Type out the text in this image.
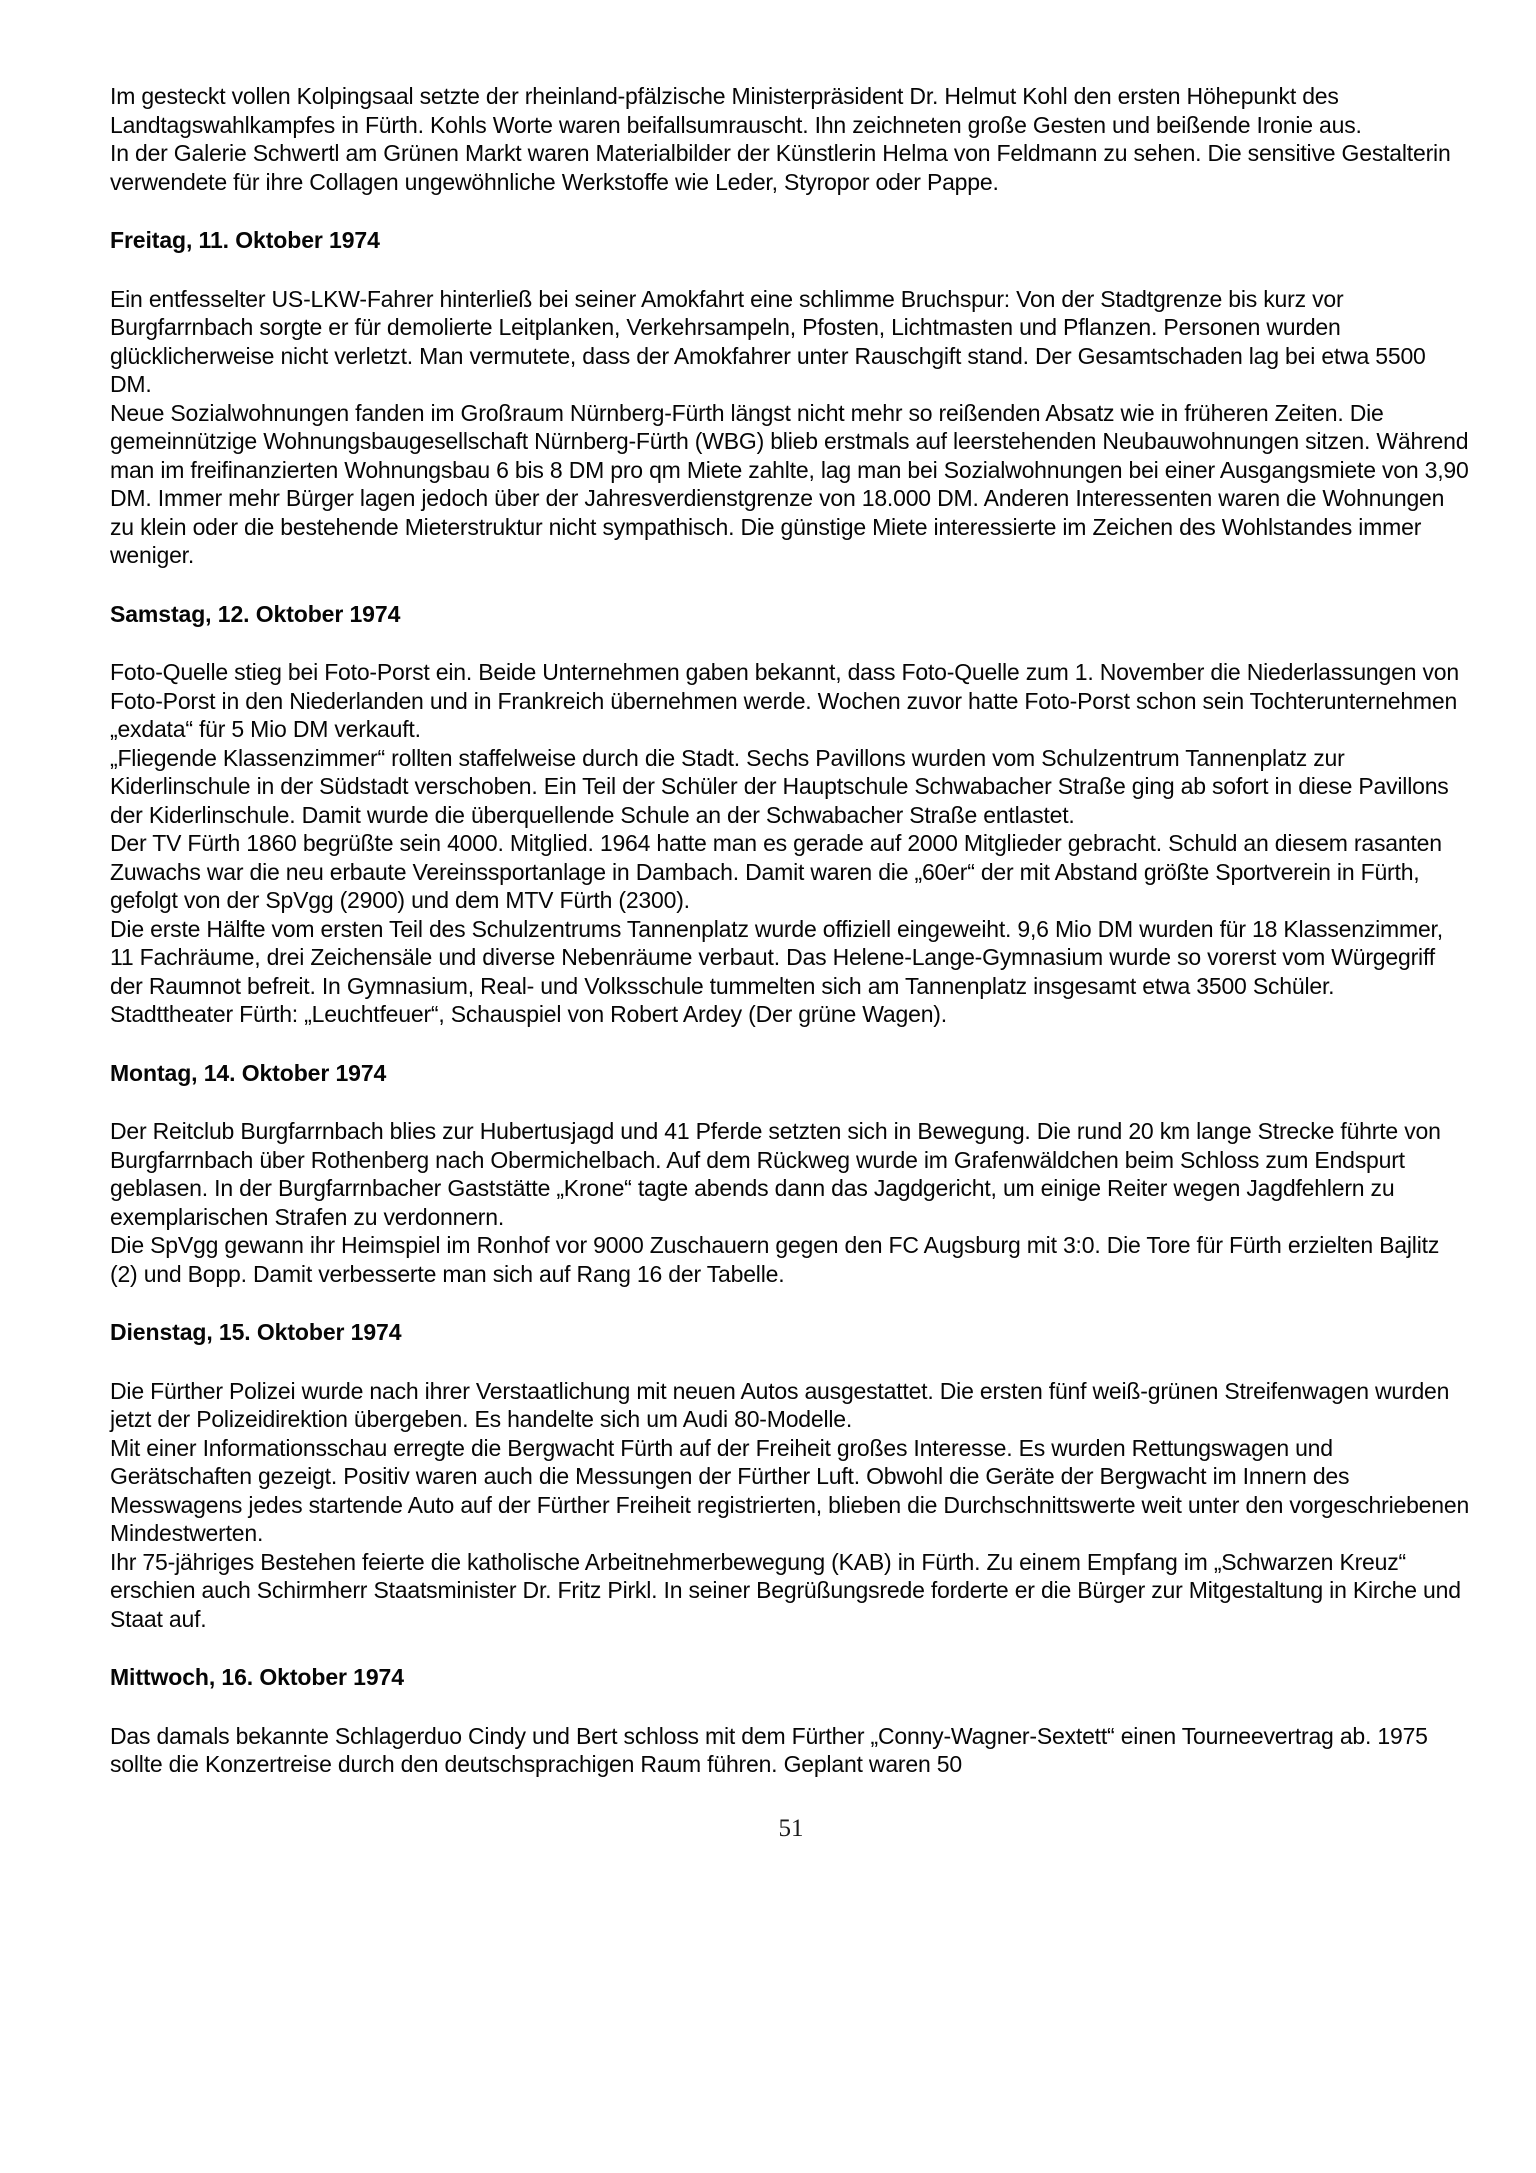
Im gesteckt vollen Kolpingsaal setzte der rheinland-pfälzische Ministerpräsident Dr. Helmut Kohl den ersten Höhepunkt des Landtagswahlkampfes in Fürth. Kohls Worte waren beifallsumrauscht. Ihn zeichneten große Gesten und beißende Ironie aus.

In der Galerie Schwertl am Grünen Markt waren Materialbilder der Künstlerin Helma von Feldmann zu sehen. Die sensitive Gestalterin verwendete für ihre Collagen ungewöhnliche Werkstoffe wie Leder, Styropor oder Pappe.

Freitag, 11. Oktober 1974

Ein entfesselter US-LKW-Fahrer hinterließ bei seiner Amokfahrt eine schlimme Bruchspur: Von der Stadtgrenze bis kurz vor Burgfarrnbach sorgte er für demolierte Leitplanken, Verkehrsampeln, Pfosten, Lichtmasten und Pflanzen. Personen wurden glücklicherweise nicht verletzt. Man vermutete, dass der Amokfahrer unter Rauschgift stand. Der Gesamtschaden lag bei etwa 5500 DM.

Neue Sozialwohnungen fanden im Großraum Nürnberg-Fürth längst nicht mehr so reißenden Absatz wie in früheren Zeiten. Die gemeinnützige Wohnungsbaugesellschaft Nürnberg-Fürth (WBG) blieb erstmals auf leerstehenden Neubauwohnungen sitzen. Während man im freifinanzierten Wohnungsbau 6 bis 8 DM pro qm Miete zahlte, lag man bei Sozialwohnungen bei einer Ausgangsmiete von 3,90 DM. Immer mehr Bürger lagen jedoch über der Jahresverdienstgrenze von 18.000 DM. Anderen Interessenten waren die Wohnungen zu klein oder die bestehende Mieterstruktur nicht sympathisch. Die günstige Miete interessierte im Zeichen des Wohlstandes immer weniger.

Samstag, 12. Oktober 1974

Foto-Quelle stieg bei Foto-Porst ein. Beide Unternehmen gaben bekannt, dass Foto-Quelle zum 1. November die Niederlassungen von Foto-Porst in den Niederlanden und in Frankreich übernehmen werde. Wochen zuvor hatte Foto-Porst schon sein Tochterunternehmen „exdata“ für 5 Mio DM verkauft.

„Fliegende Klassenzimmer“ rollten staffelweise durch die Stadt. Sechs Pavillons wurden vom Schulzentrum Tannenplatz zur Kiderlinschule in der Südstadt verschoben. Ein Teil der Schüler der Hauptschule Schwabacher Straße ging ab sofort in diese Pavillons der Kiderlinschule. Damit wurde die überquellende Schule an der Schwabacher Straße entlastet.

Der TV Fürth 1860 begrüßte sein 4000. Mitglied. 1964 hatte man es gerade auf 2000 Mitglieder gebracht. Schuld an diesem rasanten Zuwachs war die neu erbaute Vereinssportanlage in Dambach. Damit waren die „60er“ der mit Abstand größte Sportverein in Fürth, gefolgt von der SpVgg (2900) und dem MTV Fürth (2300).

Die erste Hälfte vom ersten Teil des Schulzentrums Tannenplatz wurde offiziell eingeweiht. 9,6 Mio DM wurden für 18 Klassenzimmer, 11 Fachräume, drei Zeichensäle und diverse Nebenräume verbaut. Das Helene-Lange-Gymnasium wurde so vorerst vom Würgegriff der Raumnot befreit. In Gymnasium, Real- und Volksschule tummelten sich am Tannenplatz insgesamt etwa 3500 Schüler.

Stadttheater Fürth: „Leuchtfeuer“, Schauspiel von Robert Ardey (Der grüne Wagen).

Montag, 14. Oktober 1974

Der Reitclub Burgfarrnbach blies zur Hubertusjagd und 41 Pferde setzten sich in Bewegung. Die rund 20 km lange Strecke führte von Burgfarrnbach über Rothenberg nach Obermichelbach. Auf dem Rückweg wurde im Grafenwäldchen beim Schloss zum Endspurt geblasen. In der Burgfarrnbacher Gaststätte „Krone“ tagte abends dann das Jagdgericht, um einige Reiter wegen Jagdfehlern zu exemplarischen Strafen zu verdonnern.

Die SpVgg gewann ihr Heimspiel im Ronhof vor 9000 Zuschauern gegen den FC Augsburg mit 3:0. Die Tore für Fürth erzielten Bajlitz (2) und Bopp. Damit verbesserte man sich auf Rang 16 der Tabelle.

Dienstag, 15. Oktober 1974

Die Fürther Polizei wurde nach ihrer Verstaatlichung mit neuen Autos ausgestattet. Die ersten fünf weiß-grünen Streifenwagen wurden jetzt der Polizeidirektion übergeben. Es handelte sich um Audi 80-Modelle.

Mit einer Informationsschau erregte die Bergwacht Fürth auf der Freiheit großes Interesse. Es wurden Rettungswagen und Gerätschaften gezeigt. Positiv waren auch die Messungen der Fürther Luft. Obwohl die Geräte der Bergwacht im Innern des Messwagens jedes startende Auto auf der Fürther Freiheit registrierten, blieben die Durchschnittswerte weit unter den vorgeschriebenen Mindestwerten.

Ihr 75-jähriges Bestehen feierte die katholische Arbeitnehmerbewegung (KAB) in Fürth. Zu einem Empfang im „Schwarzen Kreuz“ erschien auch Schirmherr Staatsminister Dr. Fritz Pirkl. In seiner Begrüßungsrede forderte er die Bürger zur Mitgestaltung in Kirche und Staat auf.

Mittwoch, 16. Oktober 1974

Das damals bekannte Schlagerduo Cindy und Bert schloss mit dem Fürther „Conny-Wagner-Sextett“ einen Tourneevertrag ab. 1975 sollte die Konzertreise durch den deutschsprachigen Raum führen. Geplant waren 50

51
